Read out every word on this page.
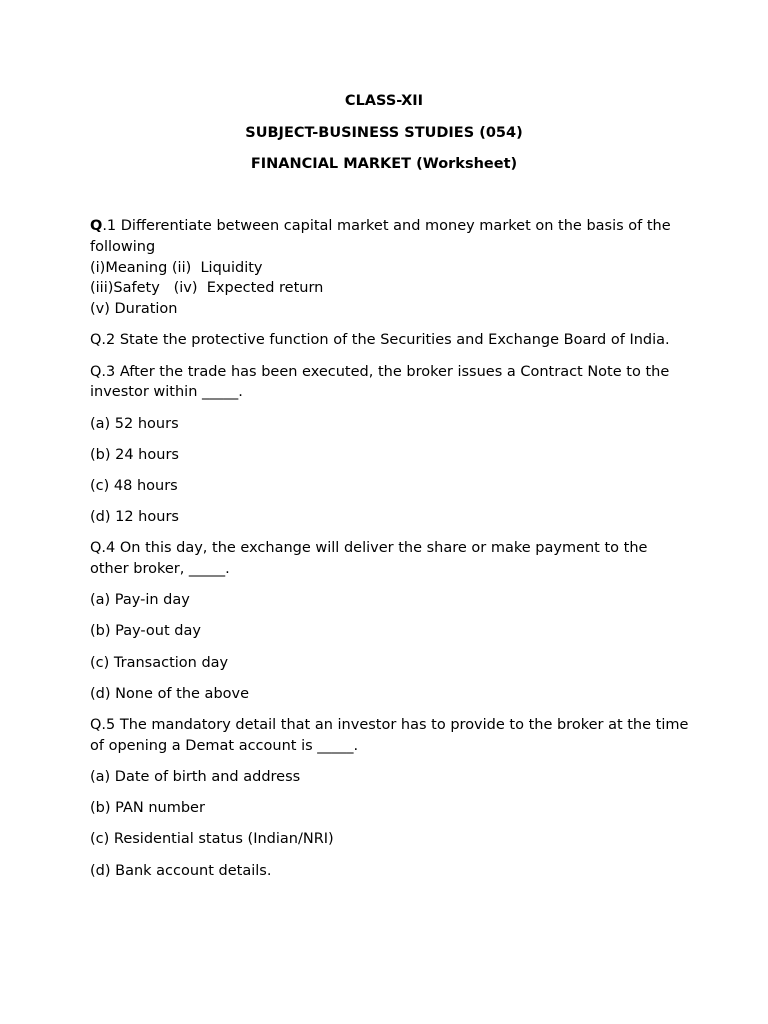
CLASS-XII
SUBJECT-BUSINESS STUDIES (054)
FINANCIAL MARKET (Worksheet)

Q.1 Differentiate between capital market and money market on the basis of the following

(i)Meaning (ii)  Liquidity

(iii)Safety   (iv)  Expected return

(v) Duration

Q.2 State the protective function of the Securities and Exchange Board of India.

Q.3 After the trade has been executed, the broker issues a Contract Note to the investor within _____.

(a) 52 hours

(b) 24 hours

(c) 48 hours

(d) 12 hours

Q.4 On this day, the exchange will deliver the share or make payment to the other broker, _____.

(a) Pay-in day

(b) Pay-out day

(c) Transaction day

(d) None of the above

Q.5 The mandatory detail that an investor has to provide to the broker at the time of opening a Demat account is _____.

(a) Date of birth and address

(b) PAN number

(c) Residential status (Indian/NRI)

(d) Bank account details.
